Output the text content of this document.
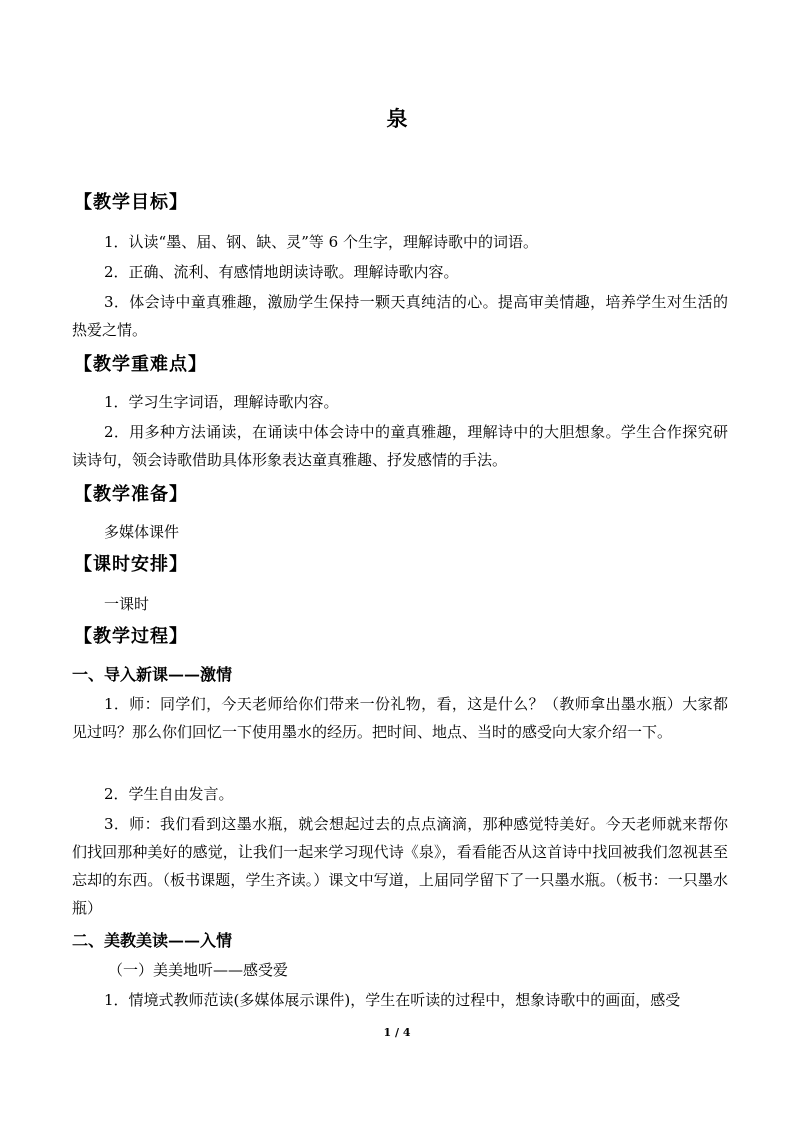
泉
【教学目标】
1．认读“墨、届、钢、缺、灵”等 6 个生字，理解诗歌中的词语。
2．正确、流利、有感情地朗读诗歌。理解诗歌内容。
3．体会诗中童真雅趣，激励学生保持一颗天真纯洁的心。提高审美情趣，培养学生对生活的热爱之情。
【教学重难点】
1．学习生字词语，理解诗歌内容。
2．用多种方法诵读，在诵读中体会诗中的童真雅趣，理解诗中的大胆想象。学生合作探究研读诗句，领会诗歌借助具体形象表达童真雅趣、抒发感情的手法。
【教学准备】
多媒体课件
【课时安排】
一课时
【教学过程】
一、导入新课——激情
1．师：同学们，今天老师给你们带来一份礼物，看，这是什么？（教师拿出墨水瓶）大家都见过吗？那么你们回忆一下使用墨水的经历。把时间、地点、当时的感受向大家介绍一下。
2．学生自由发言。
3．师：我们看到这墨水瓶，就会想起过去的点点滴滴，那种感觉特美好。今天老师就来帮你们找回那种美好的感觉，让我们一起来学习现代诗《泉》，看看能否从这首诗中找回被我们忽视甚至忘却的东西。（板书课题，学生齐读。）课文中写道，上届同学留下了一只墨水瓶。（板书：一只墨水瓶）
二、美教美读——入情
（一）美美地听——感受爱
1．情境式教师范读(多媒体展示课件)，学生在听读的过程中，想象诗歌中的画面，感受
1 / 4
